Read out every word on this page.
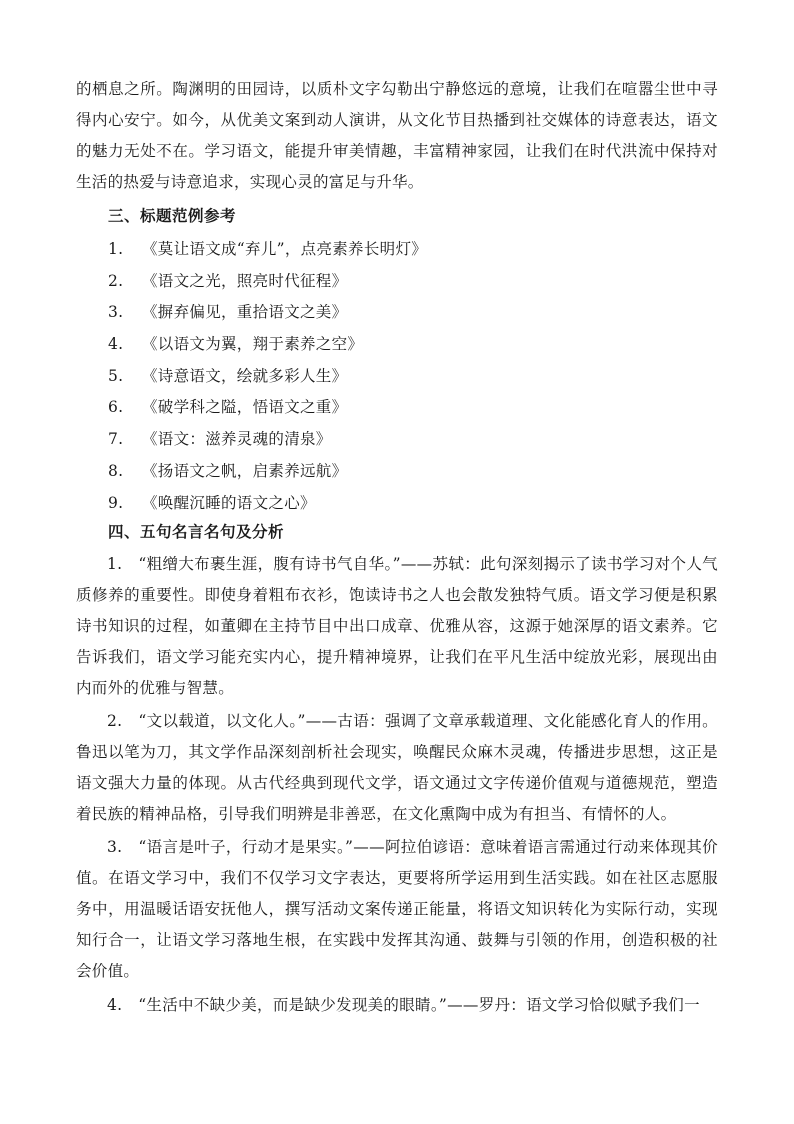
的栖息之所。陶渊明的田园诗，以质朴文字勾勒出宁静悠远的意境，让我们在喧嚣尘世中寻得内心安宁。如今，从优美文案到动人演讲，从文化节目热播到社交媒体的诗意表达，语文的魅力无处不在。学习语文，能提升审美情趣，丰富精神家园，让我们在时代洪流中保持对生活的热爱与诗意追求，实现心灵的富足与升华。

三、标题范例参考
1. 《莫让语文成“弃儿”，点亮素养长明灯》
2. 《语文之光，照亮时代征程》
3. 《摒弃偏见，重拾语文之美》
4. 《以语文为翼，翔于素养之空》
5. 《诗意语文，绘就多彩人生》
6. 《破学科之隘，悟语文之重》
7. 《语文：滋养灵魂的清泉》
8. 《扬语文之帆，启素养远航》
9. 《唤醒沉睡的语文之心》
四、五句名言名句及分析

1.　“粗缯大布裹生涯，腹有诗书气自华。”——苏轼：此句深刻揭示了读书学习对个人气质修养的重要性。即使身着粗布衣衫，饱读诗书之人也会散发独特气质。语文学习便是积累诗书知识的过程，如董卿在主持节目中出口成章、优雅从容，这源于她深厚的语文素养。它告诉我们，语文学习能充实内心，提升精神境界，让我们在平凡生活中绽放光彩，展现出由内而外的优雅与智慧。

2.　“文以载道，以文化人。”——古语：强调了文章承载道理、文化能感化育人的作用。鲁迅以笔为刀，其文学作品深刻剖析社会现实，唤醒民众麻木灵魂，传播进步思想，这正是语文强大力量的体现。从古代经典到现代文学，语文通过文字传递价值观与道德规范，塑造着民族的精神品格，引导我们明辨是非善恶，在文化熏陶中成为有担当、有情怀的人。

3.　“语言是叶子，行动才是果实。”——阿拉伯谚语：意味着语言需通过行动来体现其价值。在语文学习中，我们不仅学习文字表达，更要将所学运用到生活实践。如在社区志愿服务中，用温暖话语安抚他人，撰写活动文案传递正能量，将语文知识转化为实际行动，实现知行合一，让语文学习落地生根，在实践中发挥其沟通、鼓舞与引领的作用，创造积极的社会价值。

4.　“生活中不缺少美，而是缺少发现美的眼睛。”——罗丹：语文学习恰似赋予我们一
